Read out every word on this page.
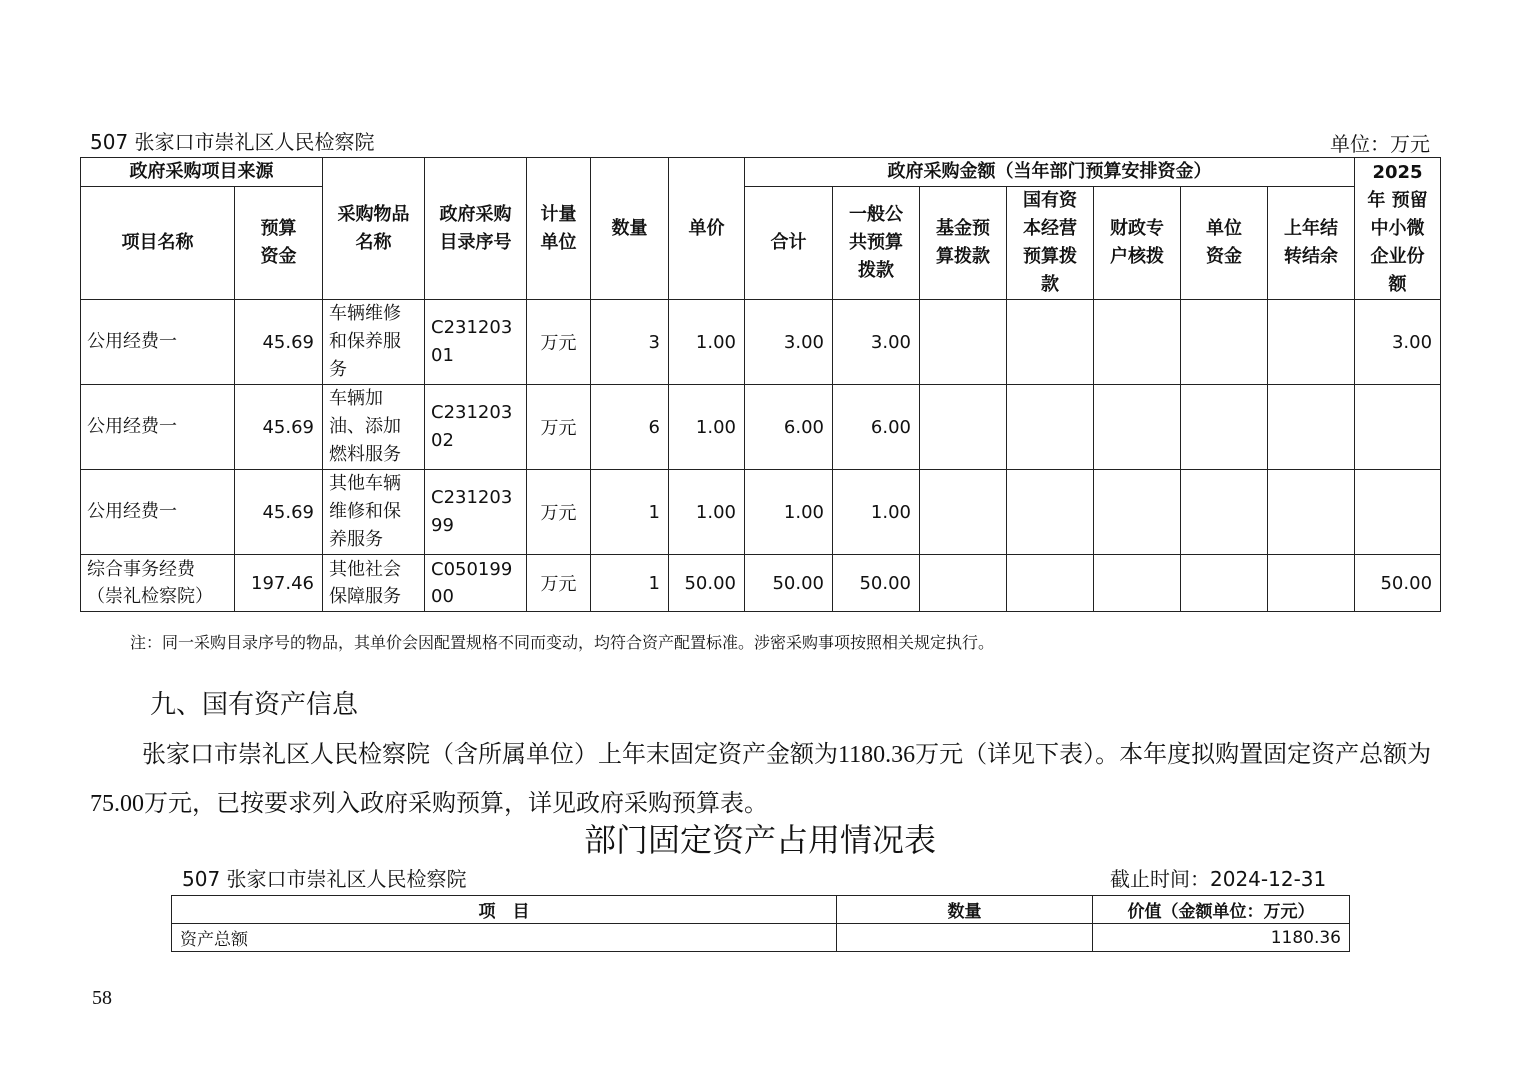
507 张家口市崇礼区人民检察院	单位：万元
政府采购项目来源		采购物品名称	政府采购目录序号	计量单位	数量	单价	政府采购金额（当年部门预算安排资金）							2025年 预留中小微企业份额
项目名称	预算资金						合计	一般公共预算拨款	基金预算拨款	国有资本经营预算拨款	财政专户核拨	单位资金	上年结转结余	
公用经费一	45.69	车辆维修和保养服务	C23120301	万元	3	1.00	3.00	3.00						3.00
公用经费一	45.69	车辆加油、添加燃料服务	C23120302	万元	6	1.00	6.00	6.00						
公用经费一	45.69	其他车辆维修和保养服务	C23120399	万元	1	1.00	1.00	1.00						
综合事务经费（崇礼检察院）	197.46	其他社会保障服务	C05019900	万元	1	50.00	50.00	50.00						50.00
注：同一采购目录序号的物品，其单价会因配置规格不同而变动，均符合资产配置标准。涉密采购事项按照相关规定执行。
九、国有资产信息
张家口市崇礼区人民检察院（含所属单位）上年末固定资产金额为1180.36万元（详见下表）。本年度拟购置固定资产总额为75.00万元，已按要求列入政府采购预算，详见政府采购预算表。
部门固定资产占用情况表
507 张家口市崇礼区人民检察院	截止时间：2024-12-31
项　目	数量	价值（金额单位：万元）
资产总额		1180.36
58
